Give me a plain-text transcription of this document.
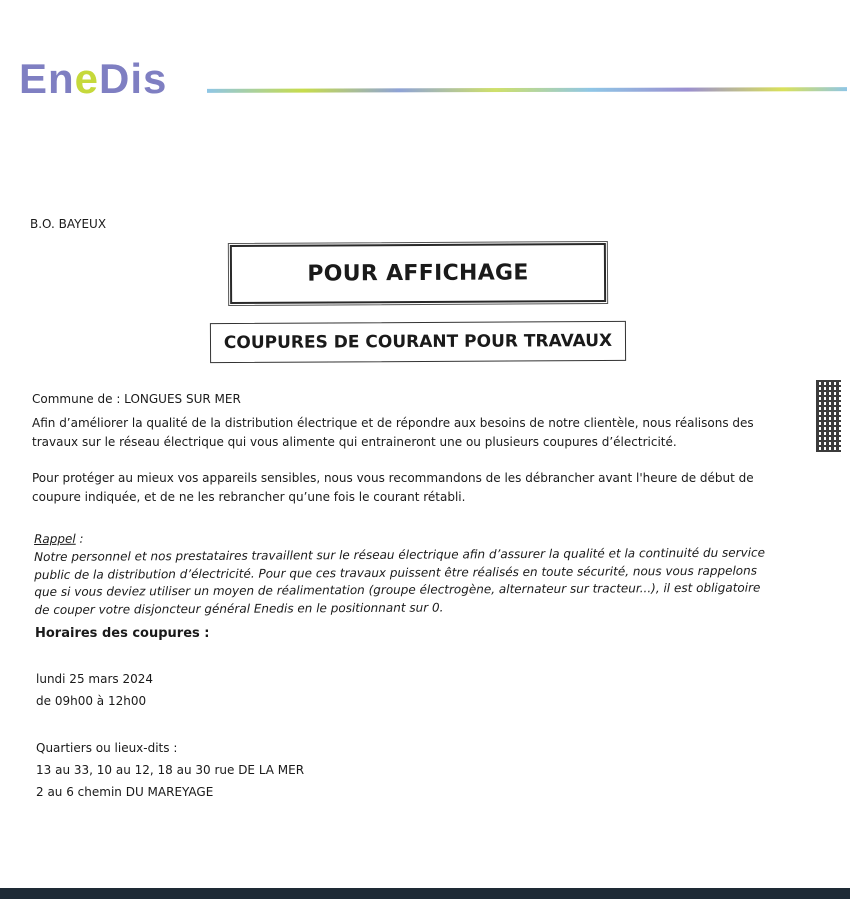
EneDis
B.O. BAYEUX
POUR AFFICHAGE
COUPURES DE COURANT POUR TRAVAUX
Commune de : LONGUES SUR MER
Afin d’améliorer la qualité de la distribution électrique et de répondre aux besoins de notre clientèle, nous réalisons des travaux sur le réseau électrique qui vous alimente qui entraineront une ou plusieurs coupures d’électricité.
Pour protéger au mieux vos appareils sensibles, nous vous recommandons de les débrancher avant l'heure de début de coupure indiquée, et de ne les rebrancher qu’une fois le courant rétabli.
Rappel :
Notre personnel et nos prestataires travaillent sur le réseau électrique afin d’assurer la qualité et la continuité du service public de la distribution d’électricité. Pour que ces travaux puissent être réalisés en toute sécurité, nous vous rappelons que si vous deviez utiliser un moyen de réalimentation (groupe électrogène, alternateur sur tracteur...), il est obligatoire de couper votre disjoncteur général Enedis en le positionnant sur 0.
Horaires des coupures :
lundi 25 mars 2024
de 09h00 à 12h00
Quartiers ou lieux-dits :
13 au 33, 10 au 12, 18 au 30 rue DE LA MER
2 au 6 chemin DU MAREYAGE
